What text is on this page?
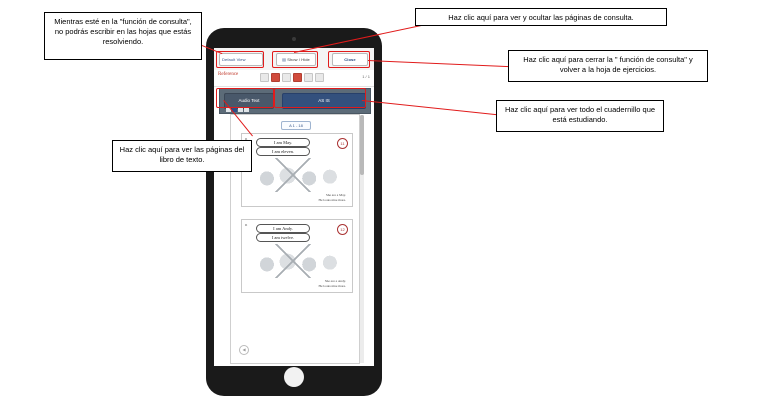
Default View	▤ Show / Hide	Close
Reference	1 / 1
Audio Text	AS IS
A 1 - 18
11
I am May.
I am eleven.
She are a May.
He looks nine more.
12
“	I am Andy.
I am twelve.
She are a Andy.
He looks nine more.
◀
Mientras esté en la "función de consulta", no podrás escribir en las hojas que estás resolviendo.
Haz clic aquí para ver y ocultar las páginas de consulta.
Haz clic aquí para cerrar la " función de consulta" y volver a la hoja de ejercicios.
Haz clic aquí para ver todo el cuadernillo que está estudiando.
Haz clic aquí para ver las páginas del libro de texto.
